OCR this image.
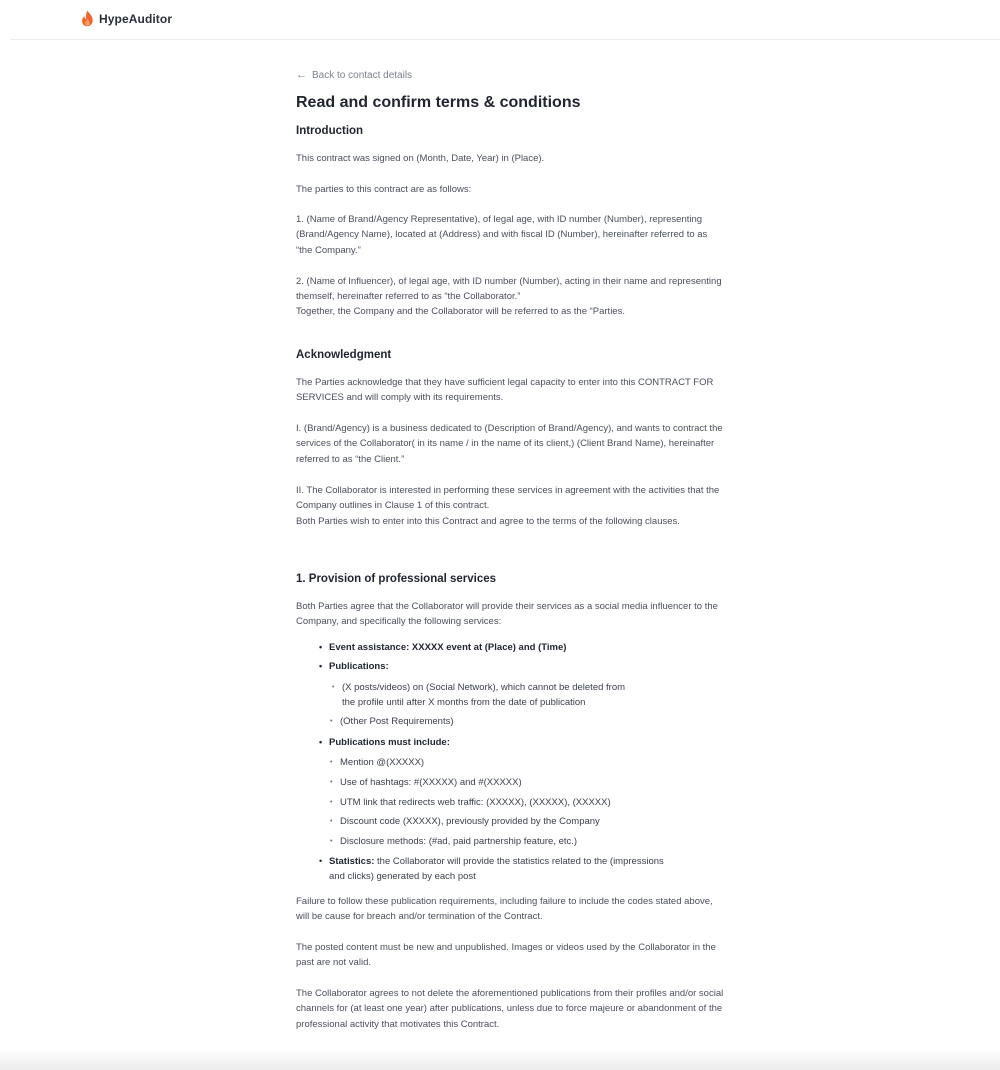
HypeAuditor
← Back to contact details
Read and confirm terms & conditions
Introduction
This contract was signed on (Month, Date, Year) in (Place).
The parties to this contract are as follows:
1. (Name of Brand/Agency Representative), of legal age, with ID number (Number), representing (Brand/Agency Name), located at (Address) and with fiscal ID (Number), hereinafter referred to as “the Company.”
2. (Name of Influencer), of legal age, with ID number (Number), acting in their name and representing themself, hereinafter referred to as “the Collaborator.”
Together, the Company and the Collaborator will be referred to as the “Parties.
Acknowledgment
The Parties acknowledge that they have sufficient legal capacity to enter into this CONTRACT FOR SERVICES and will comply with its requirements.
I. (Brand/Agency) is a business dedicated to (Description of Brand/Agency), and wants to contract the services of the Collaborator( in its name / in the name of its client,) (Client Brand Name), hereinafter referred to as “the Client.”
II. The Collaborator is interested in performing these services in agreement with the activities that the Company outlines in Clause 1 of this contract.
Both Parties wish to enter into this Contract and agree to the terms of the following clauses.
1. Provision of professional services
Both Parties agree that the Collaborator will provide their services as a social media influencer to the Company, and specifically the following services:
• Event assistance: XXXXX event at (Place) and (Time)
• Publications:
• (X posts/videos) on (Social Network), which cannot be deleted from
the profile until after X months from the date of publication
• (Other Post Requirements)
• Publications must include:
• Mention @(XXXXX)
• Use of hashtags: #(XXXXX) and #(XXXXX)
• UTM link that redirects web traffic: (XXXXX), (XXXXX), (XXXXX)
• Discount code (XXXXX), previously provided by the Company
• Disclosure methods: (#ad, paid partnership feature, etc.)
• Statistics: the Collaborator will provide the statistics related to the (impressions
and clicks) generated by each post
Failure to follow these publication requirements, including failure to include the codes stated above, will be cause for breach and/or termination of the Contract.
The posted content must be new and unpublished. Images or videos used by the Collaborator in the past are not valid.
The Collaborator agrees to not delete the aforementioned publications from their profiles and/or social channels for (at least one year) after publications, unless due to force majeure or abandonment of the professional activity that motivates this Contract.
